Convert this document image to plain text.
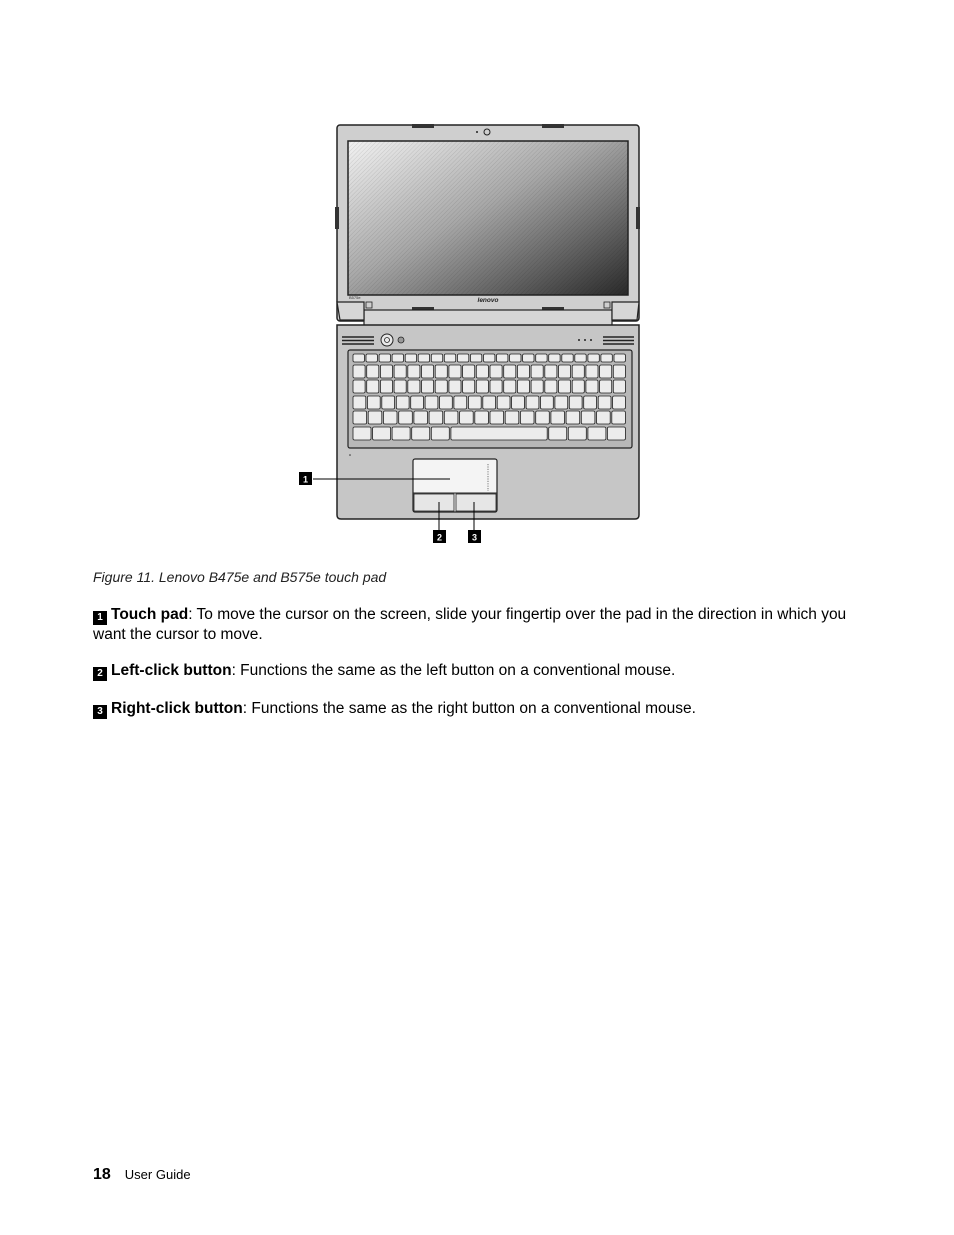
B575e	lenovo
1
2	3
Figure 11. Lenovo B475e and B575e touch pad
1 Touch pad: To move the cursor on the screen, slide your fingertip over the pad in the direction in which you want the cursor to move.
2 Left-click button: Functions the same as the left button on a conventional mouse.
3 Right-click button: Functions the same as the right button on a conventional mouse.
18 User Guide
